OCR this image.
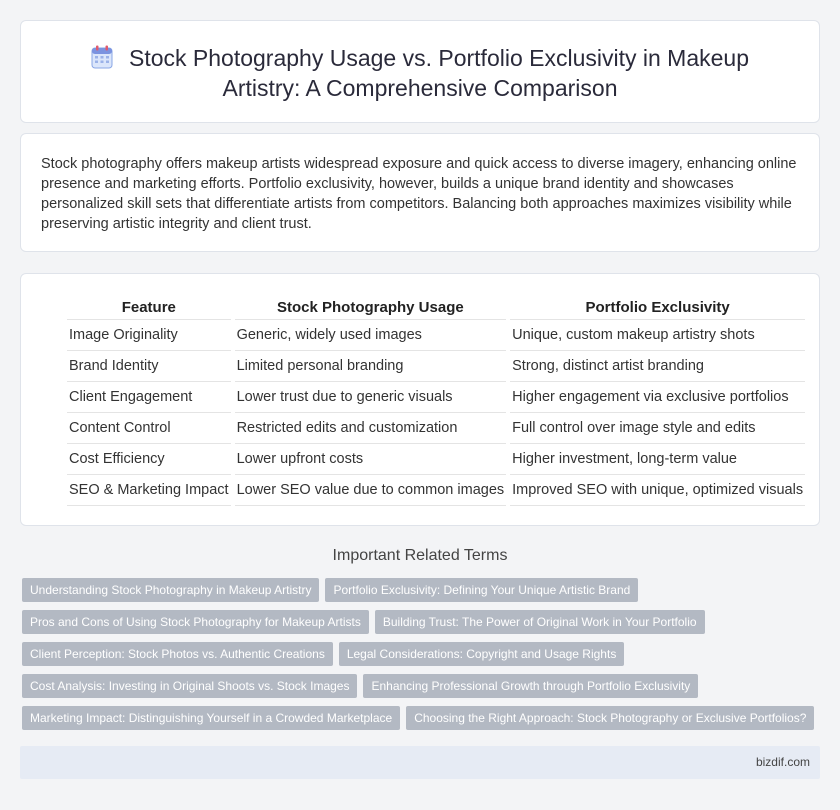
Stock Photography Usage vs. Portfolio Exclusivity in Makeup Artistry: A Comprehensive Comparison

Stock photography offers makeup artists widespread exposure and quick access to diverse imagery, enhancing online presence and marketing efforts. Portfolio exclusivity, however, builds a unique brand identity and showcases personalized skill sets that differentiate artists from competitors. Balancing both approaches maximizes visibility while preserving artistic integrity and client trust.

Feature	Stock Photography Usage	Portfolio Exclusivity
Image Originality	Generic, widely used images	Unique, custom makeup artistry shots
Brand Identity	Limited personal branding	Strong, distinct artist branding
Client Engagement	Lower trust due to generic visuals	Higher engagement via exclusive portfolios
Content Control	Restricted edits and customization	Full control over image style and edits
Cost Efficiency	Lower upfront costs	Higher investment, long-term value
SEO & Marketing Impact	Lower SEO value due to common images	Improved SEO with unique, optimized visuals
Important Related Terms
Understanding Stock Photography in Makeup Artistry	Portfolio Exclusivity: Defining Your Unique Artistic Brand
Pros and Cons of Using Stock Photography for Makeup Artists	Building Trust: The Power of Original Work in Your Portfolio
Client Perception: Stock Photos vs. Authentic Creations	Legal Considerations: Copyright and Usage Rights
Cost Analysis: Investing in Original Shoots vs. Stock Images	Enhancing Professional Growth through Portfolio Exclusivity
Marketing Impact: Distinguishing Yourself in a Crowded Marketplace	Choosing the Right Approach: Stock Photography or Exclusive Portfolios?
bizdif.com
